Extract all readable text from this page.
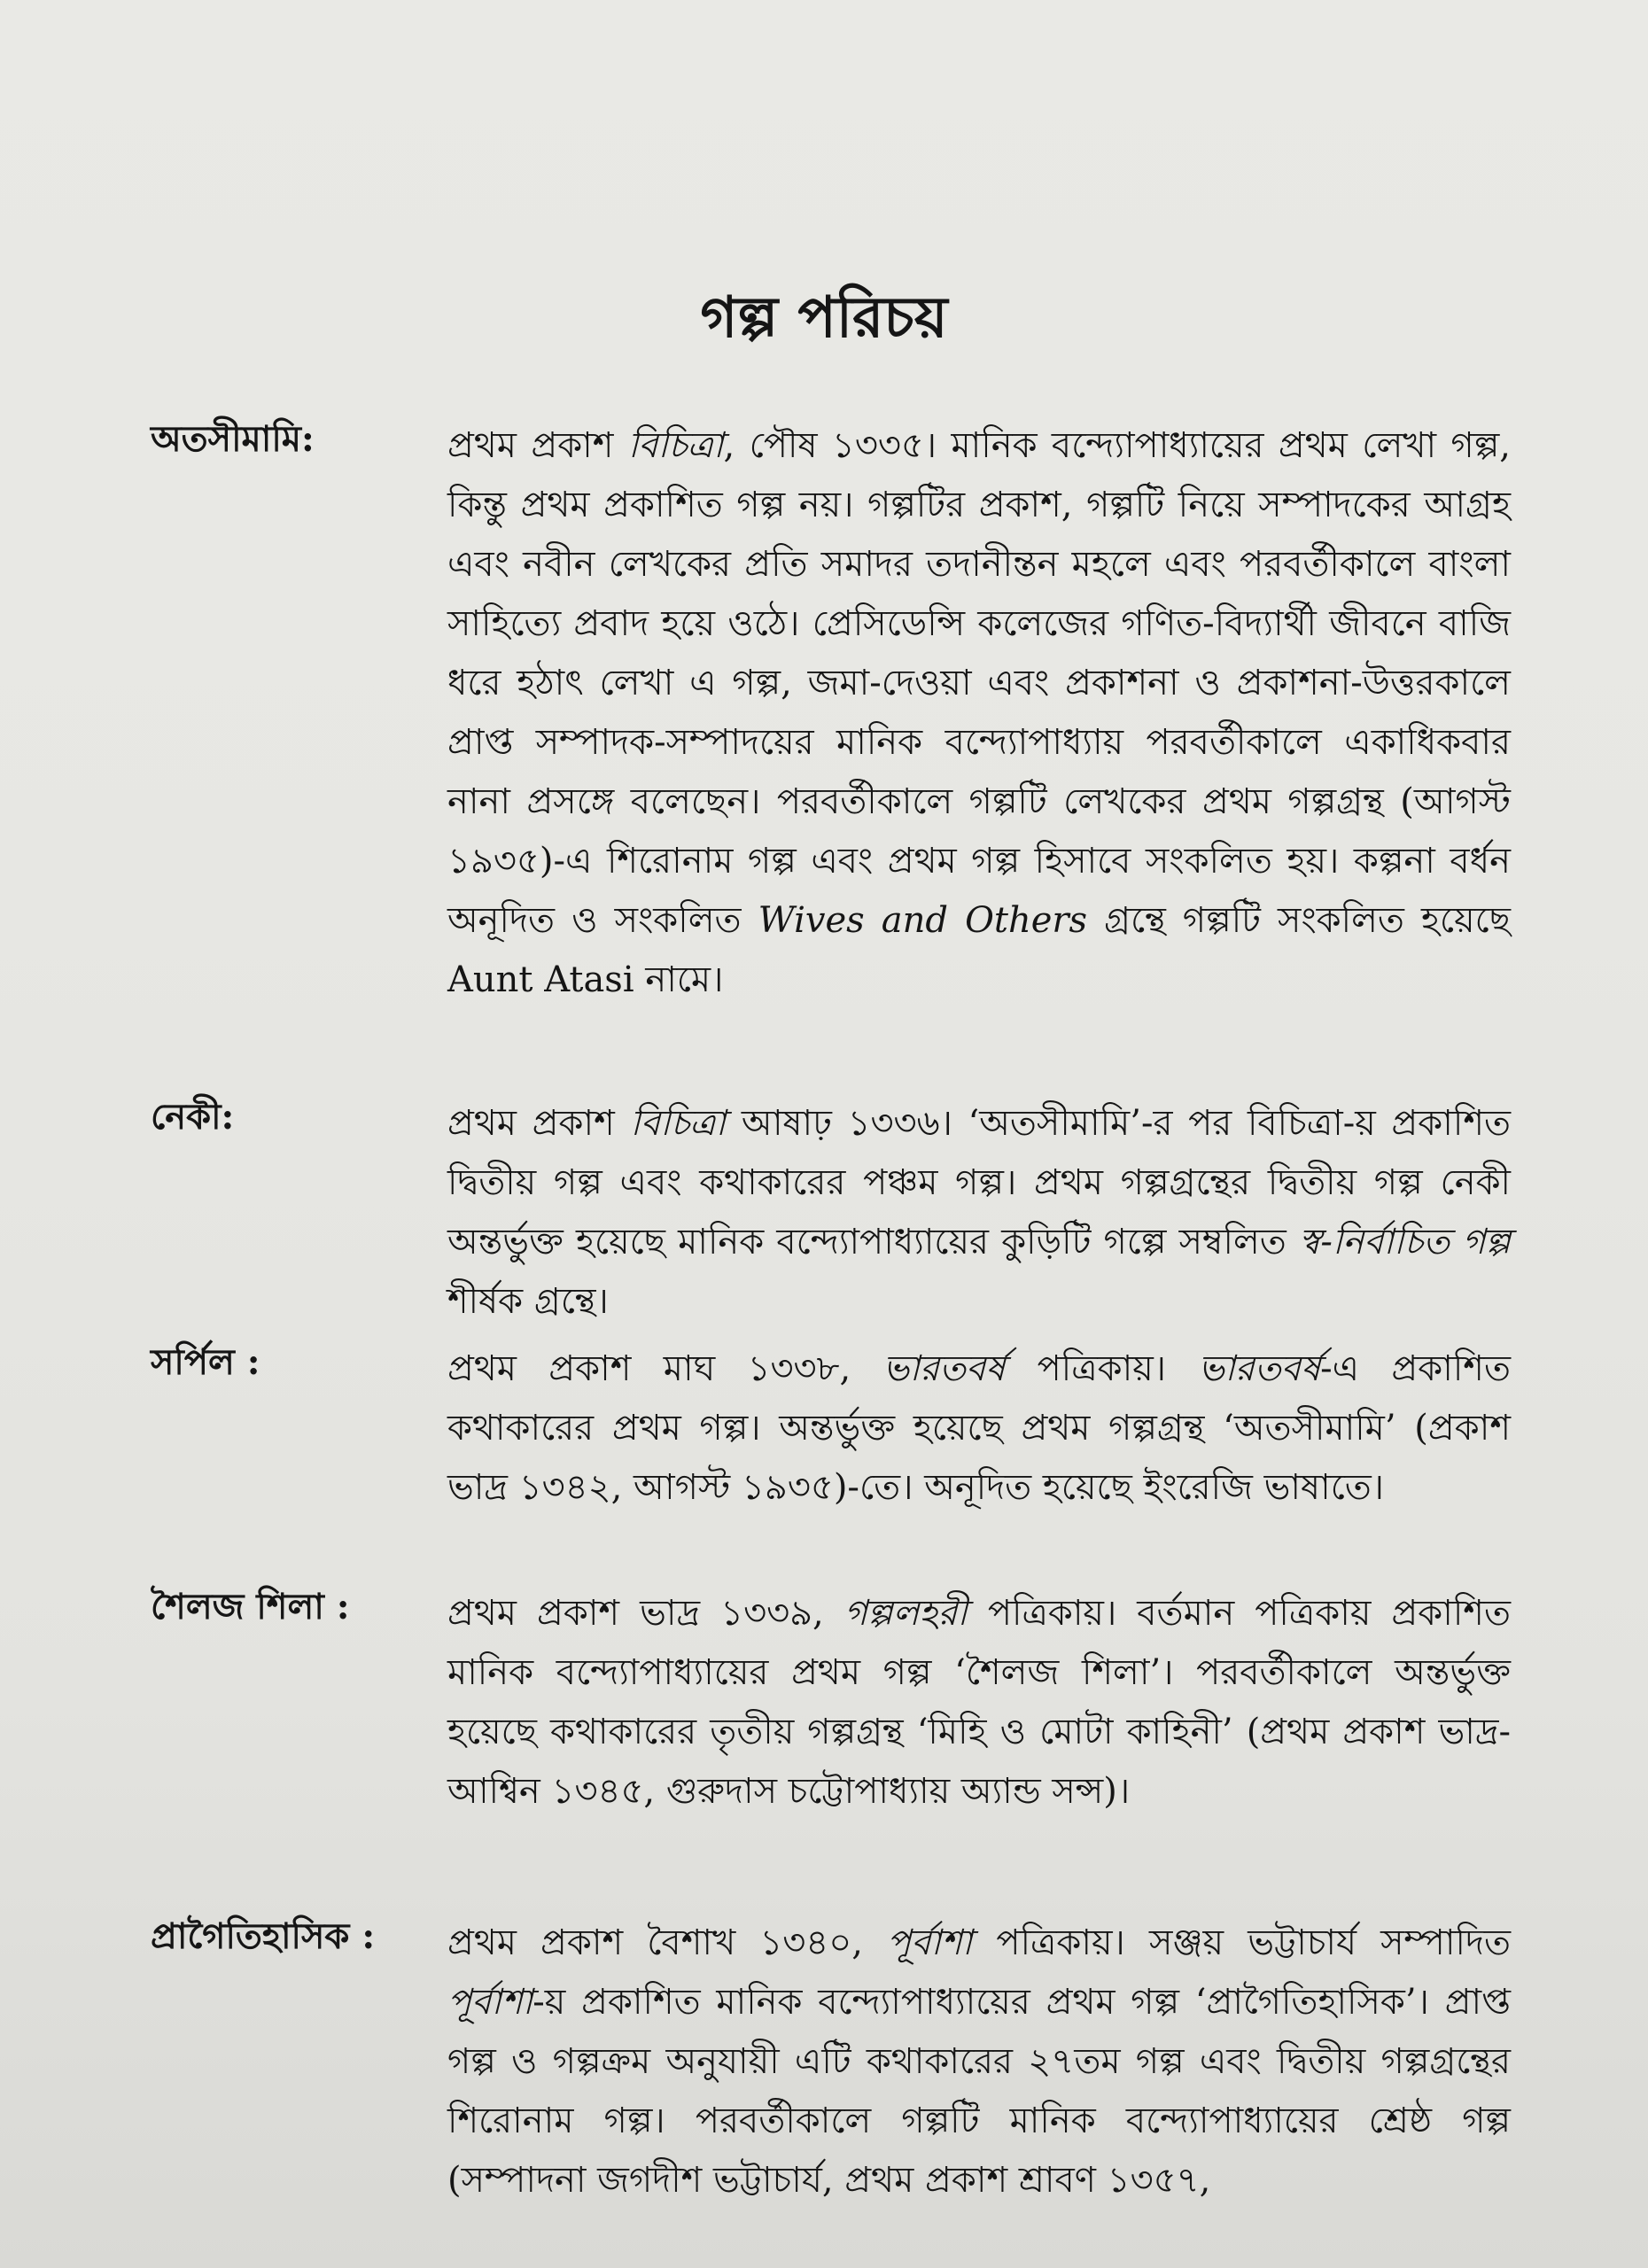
গল্প পরিচয়
অতসীমামি:	প্রথম প্রকাশ বিচিত্রা, পৌষ ১৩৩৫। মানিক বন্দ্যোপাধ্যায়ের প্রথম লেখা গল্প, কিন্তু প্রথম প্রকাশিত গল্প নয়। গল্পটির প্রকাশ, গল্পটি নিয়ে সম্পাদকের আগ্রহ এবং নবীন লেখকের প্রতি সমাদর তদানীন্তন মহলে এবং পরবর্তীকালে বাংলা সাহিত্যে প্রবাদ হয়ে ওঠে। প্রেসিডেন্সি কলেজের গণিত-বিদ্যার্থী জীবনে বাজি ধরে হঠাৎ লেখা এ গল্প, জমা-দেওয়া এবং প্রকাশনা ও প্রকাশনা-উত্তরকালে প্রাপ্ত সম্পাদক-সম্পাদয়ের মানিক বন্দ্যোপাধ্যায় পরবর্তীকালে একাধিকবার নানা প্রসঙ্গে বলেছেন। পরবর্তীকালে গল্পটি লেখকের প্রথম গল্পগ্রন্থ (আগস্ট ১৯৩৫)-এ শিরোনাম গল্প এবং প্রথম গল্প হিসাবে সংকলিত হয়। কল্পনা বর্ধন অনূদিত ও সংকলিত Wives and Others গ্রন্থে গল্পটি সংকলিত হয়েছে Aunt Atasi নামে।
নেকী:	প্রথম প্রকাশ বিচিত্রা আষাঢ় ১৩৩৬। ‘অতসীমামি’-র পর বিচিত্রা-য় প্রকাশিত দ্বিতীয় গল্প এবং কথাকারের পঞ্চম গল্প। প্রথম গল্পগ্রন্থের দ্বিতীয় গল্প নেকী অন্তর্ভুক্ত হয়েছে মানিক বন্দ্যোপাধ্যায়ের কুড়িটি গল্পে সম্বলিত স্ব-নির্বাচিত গল্প শীর্ষক গ্রন্থে।
সর্পিল :	প্রথম প্রকাশ মাঘ ১৩৩৮, ভারতবর্ষ পত্রিকায়। ভারতবর্ষ-এ প্রকাশিত কথাকারের প্রথম গল্প। অন্তর্ভুক্ত হয়েছে প্রথম গল্পগ্রন্থ ‘অতসীমামি’ (প্রকাশ ভাদ্র ১৩৪২, আগস্ট ১৯৩৫)-তে। অনূদিত হয়েছে ইংরেজি ভাষাতে।
শৈলজ শিলা :	প্রথম প্রকাশ ভাদ্র ১৩৩৯, গল্পলহরী পত্রিকায়। বর্তমান পত্রিকায় প্রকাশিত মানিক বন্দ্যোপাধ্যায়ের প্রথম গল্প ‘শৈলজ শিলা’। পরবর্তীকালে অন্তর্ভুক্ত হয়েছে কথাকারের তৃতীয় গল্পগ্রন্থ ‘মিহি ও মোটা কাহিনী’ (প্রথম প্রকাশ ভাদ্র-আশ্বিন ১৩৪৫, গুরুদাস চট্টোপাধ্যায় অ্যান্ড সন্স)।
প্রাগৈতিহাসিক :	প্রথম প্রকাশ বৈশাখ ১৩৪০, পূর্বাশা পত্রিকায়। সঞ্জয় ভট্টাচার্য সম্পাদিত পূর্বাশা-য় প্রকাশিত মানিক বন্দ্যোপাধ্যায়ের প্রথম গল্প ‘প্রাগৈতিহাসিক’। প্রাপ্ত গল্প ও গল্পক্রম অনুযায়ী এটি কথাকারের ২৭তম গল্প এবং দ্বিতীয় গল্পগ্রন্থের শিরোনাম গল্প। পরবর্তীকালে গল্পটি মানিক বন্দ্যোপাধ্যায়ের শ্রেষ্ঠ গল্প (সম্পাদনা জগদীশ ভট্টাচার্য, প্রথম প্রকাশ শ্রাবণ ১৩৫৭,
